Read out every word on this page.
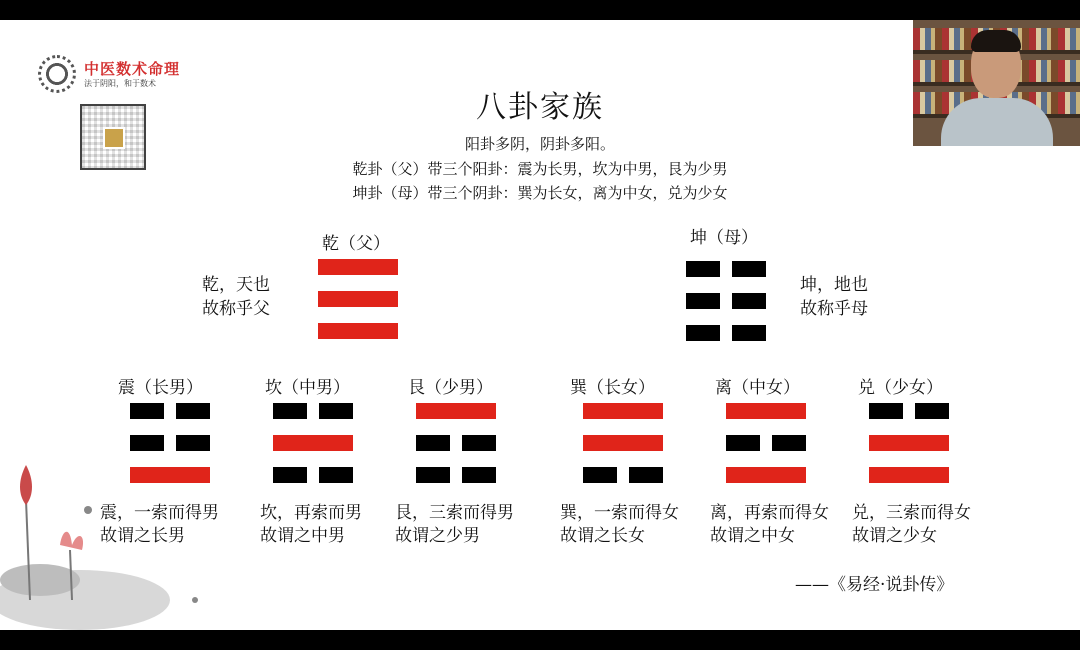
中医数术命理
法于阴阳，和于数术
八卦家族
阳卦多阴，阴卦多阳。
乾卦（父）带三个阳卦：震为长男，坎为中男，艮为少男
坤卦（母）带三个阴卦：巽为长女，离为中女，兑为少女
乾（父）
乾，天也
故称乎父
坤（母）
坤，地也
故称乎母
震（长男）
震，一索而得男
故谓之长男
坎（中男）
坎，再索而男
故谓之中男
艮（少男）
艮，三索而得男
故谓之少男
巽（长女）
巽，一索而得女
故谓之长女
离（中女）
离，再索而得女
故谓之中女
兑（少女）
兑，三索而得女
故谓之少女
——《易经·说卦传》
